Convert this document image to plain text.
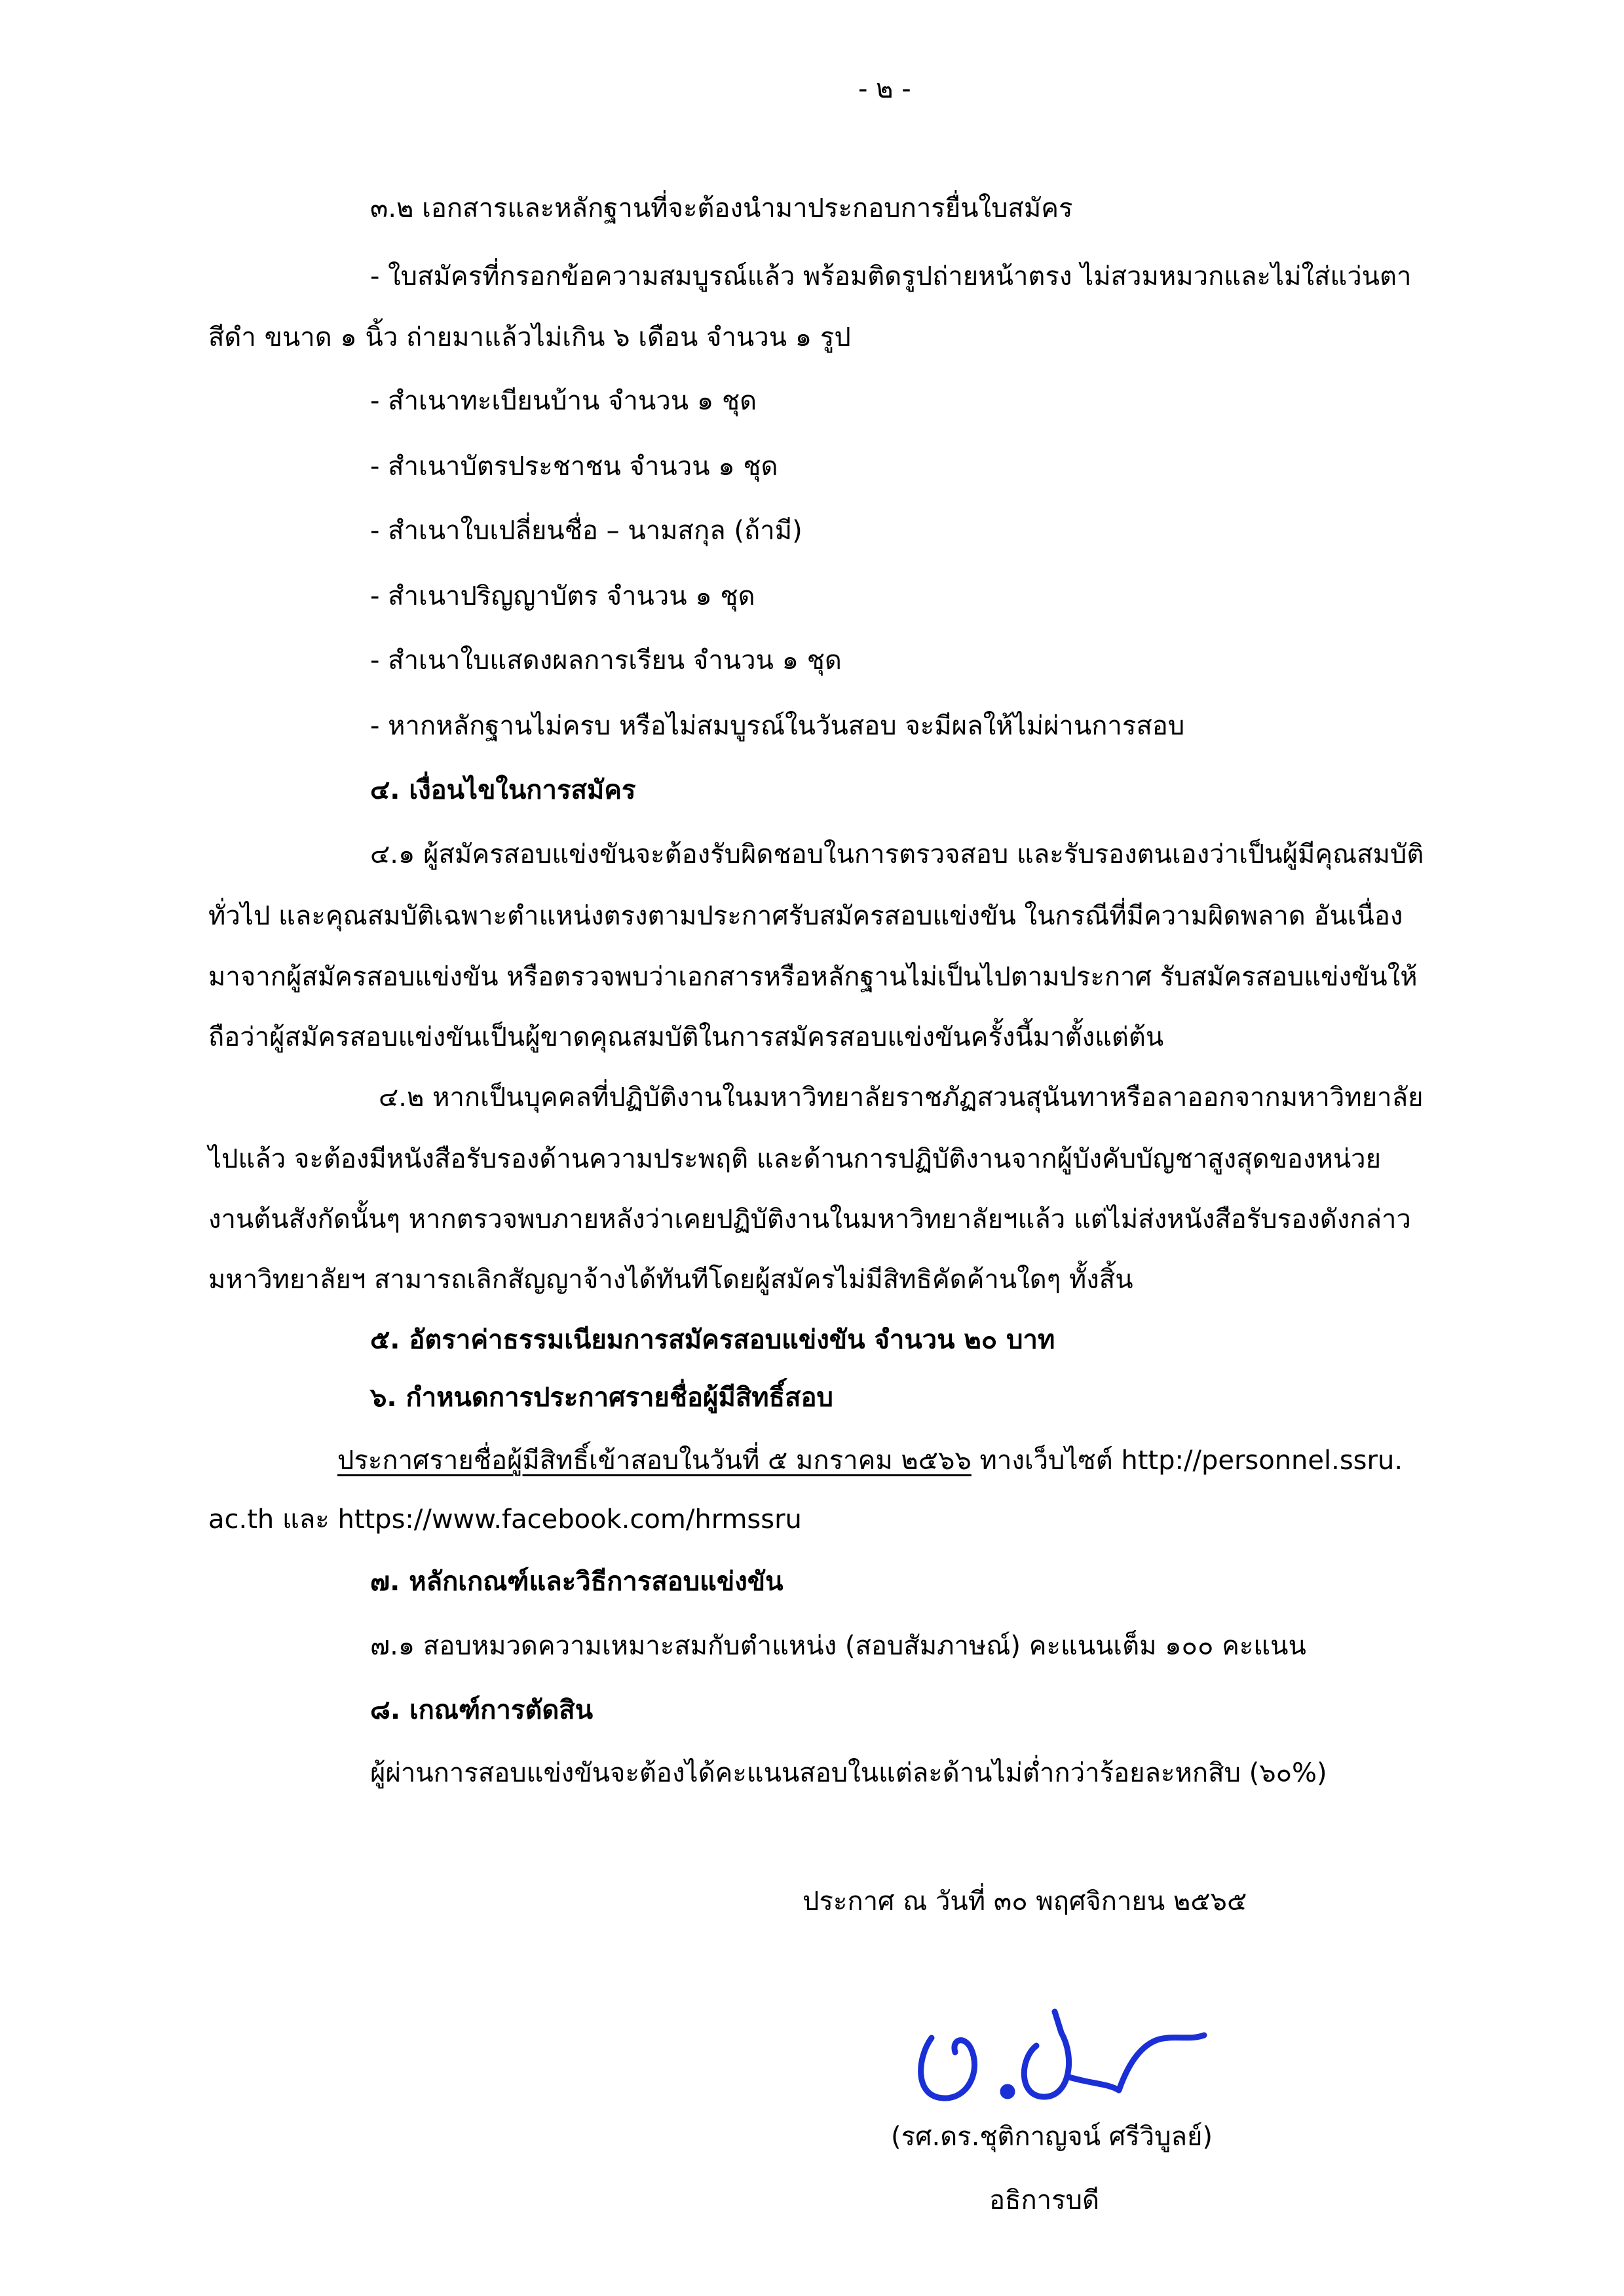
- ๒ -
๓.๒ เอกสารและหลักฐานที่จะต้องนำมาประกอบการยื่นใบสมัคร
- ใบสมัครที่กรอกข้อความสมบูรณ์แล้ว พร้อมติดรูปถ่ายหน้าตรง ไม่สวมหมวกและไม่ใส่แว่นตา
สีดำ ขนาด ๑ นิ้ว ถ่ายมาแล้วไม่เกิน ๖ เดือน จำนวน ๑ รูป
- สำเนาทะเบียนบ้าน จำนวน ๑ ชุด
- สำเนาบัตรประชาชน จำนวน ๑ ชุด
- สำเนาใบเปลี่ยนชื่อ – นามสกุล (ถ้ามี)
- สำเนาปริญญาบัตร จำนวน ๑ ชุด
- สำเนาใบแสดงผลการเรียน จำนวน ๑ ชุด
- หากหลักฐานไม่ครบ หรือไม่สมบูรณ์ในวันสอบ จะมีผลให้ไม่ผ่านการสอบ
๔. เงื่อนไขในการสมัคร
๔.๑ ผู้สมัครสอบแข่งขันจะต้องรับผิดชอบในการตรวจสอบ และรับรองตนเองว่าเป็นผู้มีคุณสมบัติ
ทั่วไป และคุณสมบัติเฉพาะตำแหน่งตรงตามประกาศรับสมัครสอบแข่งขัน ในกรณีที่มีความผิดพลาด อันเนื่อง
มาจากผู้สมัครสอบแข่งขัน หรือตรวจพบว่าเอกสารหรือหลักฐานไม่เป็นไปตามประกาศ รับสมัครสอบแข่งขันให้
ถือว่าผู้สมัครสอบแข่งขันเป็นผู้ขาดคุณสมบัติในการสมัครสอบแข่งขันครั้งนี้มาตั้งแต่ต้น
๔.๒ หากเป็นบุคคลที่ปฏิบัติงานในมหาวิทยาลัยราชภัฏสวนสุนันทาหรือลาออกจากมหาวิทยาลัย
ไปแล้ว จะต้องมีหนังสือรับรองด้านความประพฤติ และด้านการปฏิบัติงานจากผู้บังคับบัญชาสูงสุดของหน่วย
งานต้นสังกัดนั้นๆ หากตรวจพบภายหลังว่าเคยปฏิบัติงานในมหาวิทยาลัยฯแล้ว แต่ไม่ส่งหนังสือรับรองดังกล่าว
มหาวิทยาลัยฯ สามารถเลิกสัญญาจ้างได้ทันทีโดยผู้สมัครไม่มีสิทธิคัดค้านใดๆ ทั้งสิ้น
๕. อัตราค่าธรรมเนียมการสมัครสอบแข่งขัน จำนวน ๒๐ บาท
๖. กำหนดการประกาศรายชื่อผู้มีสิทธิ์สอบ
ประกาศรายชื่อผู้มีสิทธิ์เข้าสอบในวันที่ ๕ มกราคม ๒๕๖๖ ทางเว็บไซต์ http://personnel.ssru.
ac.th และ https://www.facebook.com/hrmssru
๗. หลักเกณฑ์และวิธีการสอบแข่งขัน
๗.๑ สอบหมวดความเหมาะสมกับตำแหน่ง (สอบสัมภาษณ์) คะแนนเต็ม ๑๐๐ คะแนน
๘. เกณฑ์การตัดสิน
ผู้ผ่านการสอบแข่งขันจะต้องได้คะแนนสอบในแต่ละด้านไม่ต่ำกว่าร้อยละหกสิบ (๖๐%)
ประกาศ ณ วันที่ ๓๐ พฤศจิกายน ๒๕๖๕
(รศ.ดร.ชุติกาญจน์ ศรีวิบูลย์)
อธิการบดี
